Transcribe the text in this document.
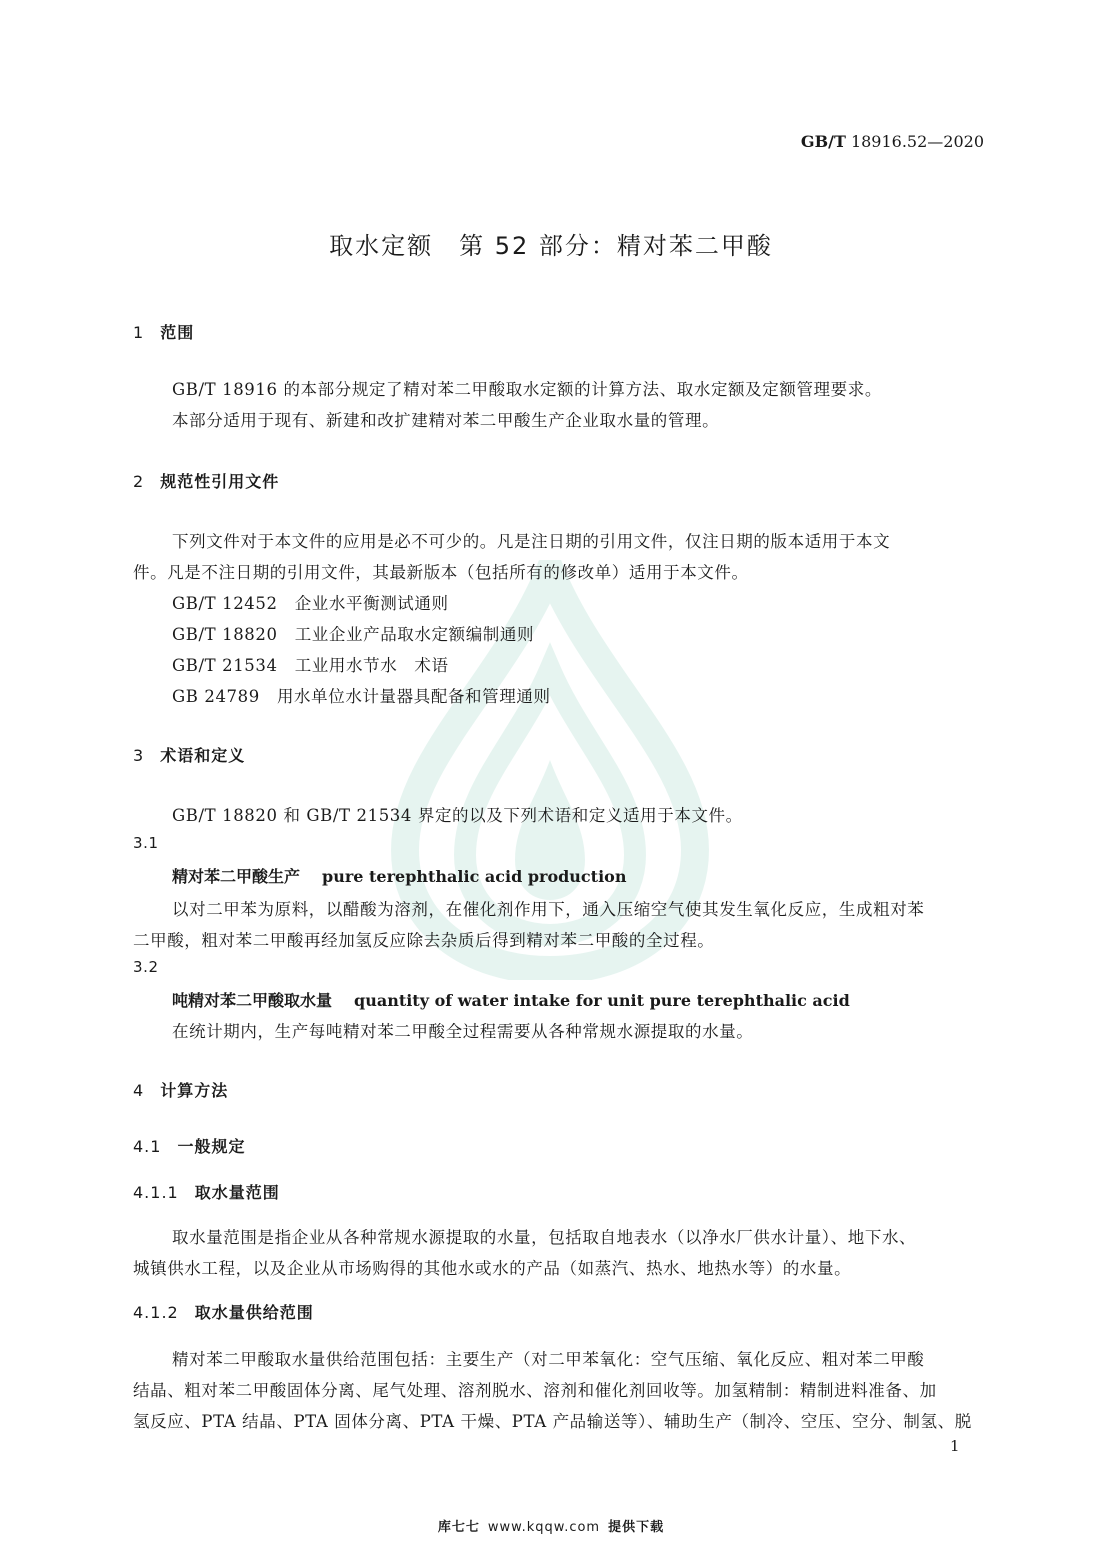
GB/T 18916.52—2020
取水定额　第 52 部分：精对苯二甲酸
1 范围
GB/T 18916 的本部分规定了精对苯二甲酸取水定额的计算方法、取水定额及定额管理要求。
本部分适用于现有、新建和改扩建精对苯二甲酸生产企业取水量的管理。
2 规范性引用文件
下列文件对于本文件的应用是必不可少的。凡是注日期的引用文件，仅注日期的版本适用于本文
件。凡是不注日期的引用文件，其最新版本（包括所有的修改单）适用于本文件。
GB/T 12452　企业水平衡测试通则
GB/T 18820　工业企业产品取水定额编制通则
GB/T 21534　工业用水节水　术语
GB 24789　用水单位水计量器具配备和管理通则
3 术语和定义
GB/T 18820 和 GB/T 21534 界定的以及下列术语和定义适用于本文件。
3.1
精对苯二甲酸生产 pure terephthalic acid production
以对二甲苯为原料，以醋酸为溶剂，在催化剂作用下，通入压缩空气使其发生氧化反应，生成粗对苯
二甲酸，粗对苯二甲酸再经加氢反应除去杂质后得到精对苯二甲酸的全过程。
3.2
吨精对苯二甲酸取水量 quantity of water intake for unit pure terephthalic acid
在统计期内，生产每吨精对苯二甲酸全过程需要从各种常规水源提取的水量。
4 计算方法
4.1 一般规定
4.1.1 取水量范围
取水量范围是指企业从各种常规水源提取的水量，包括取自地表水（以净水厂供水计量）、地下水、
城镇供水工程，以及企业从市场购得的其他水或水的产品（如蒸汽、热水、地热水等）的水量。
4.1.2 取水量供给范围
精对苯二甲酸取水量供给范围包括：主要生产（对二甲苯氧化：空气压缩、氧化反应、粗对苯二甲酸
结晶、粗对苯二甲酸固体分离、尾气处理、溶剂脱水、溶剂和催化剂回收等。加氢精制：精制进料准备、加
氢反应、PTA 结晶、PTA 固体分离、PTA 干燥、PTA 产品输送等）、辅助生产（制冷、空压、空分、制氢、脱
1
库七七 www.kqqw.com 提供下载
